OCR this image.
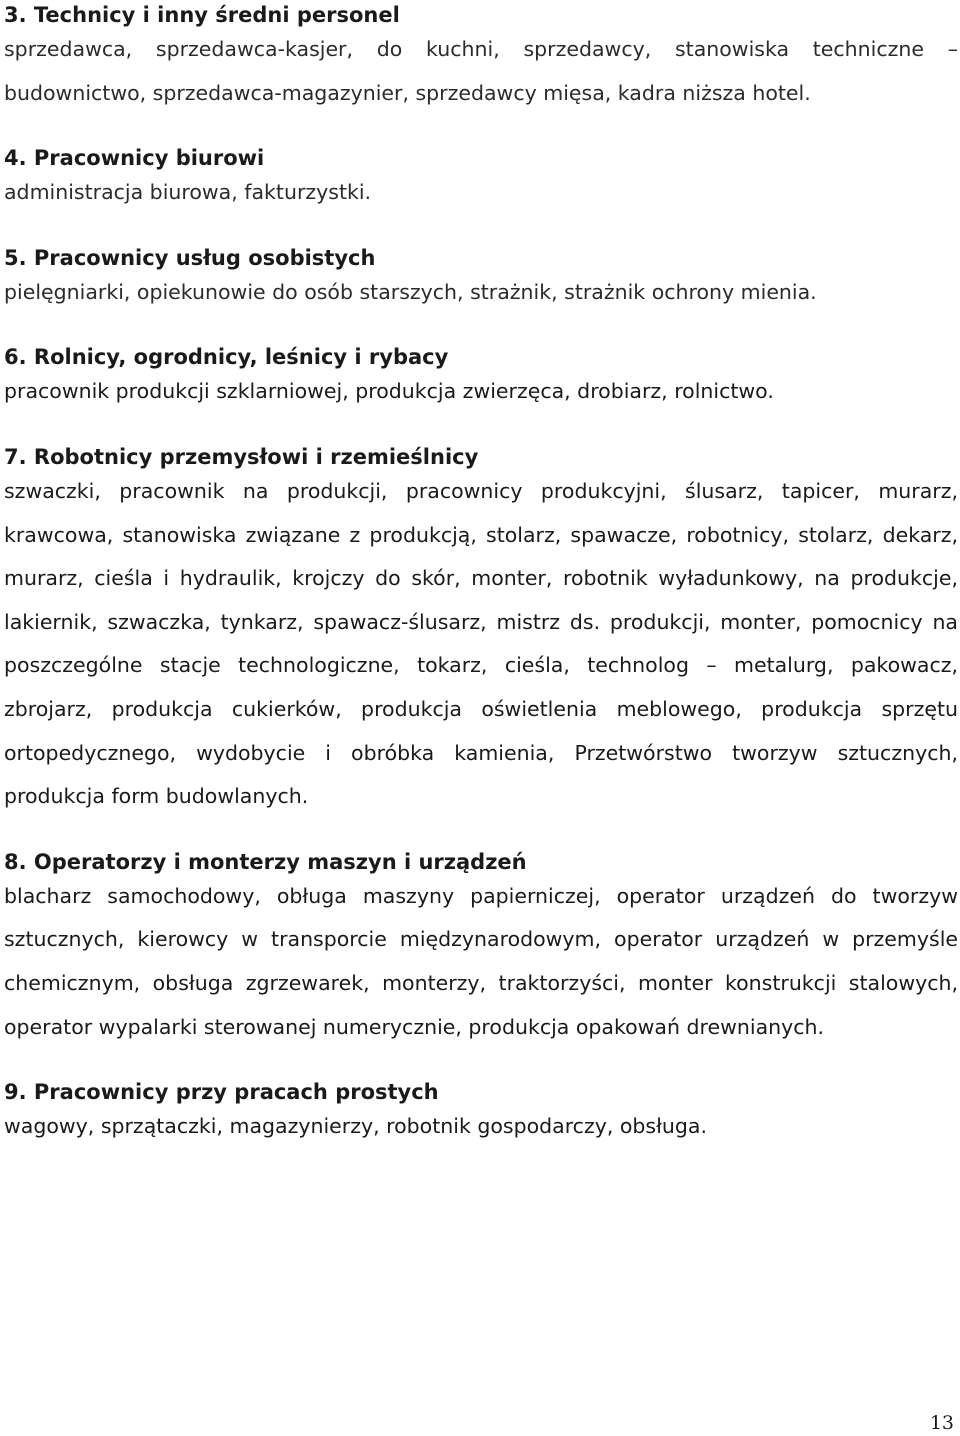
3. Technicy i inny średni personel

sprzedawca, sprzedawca-kasjer, do kuchni, sprzedawcy, stanowiska techniczne – budownictwo, sprzedawca-magazynier, sprzedawcy mięsa, kadra niższa hotel.

4. Pracownicy biurowi

administracja biurowa, fakturzystki.

5. Pracownicy usług osobistych

pielęgniarki, opiekunowie do osób starszych, strażnik, strażnik ochrony mienia.

6. Rolnicy, ogrodnicy, leśnicy i rybacy

pracownik produkcji szklarniowej, produkcja zwierzęca, drobiarz, rolnictwo.

7. Robotnicy przemysłowi i rzemieślnicy

szwaczki, pracownik na produkcji, pracownicy produkcyjni, ślusarz, tapicer, murarz, krawcowa, stanowiska związane z produkcją, stolarz, spawacze, robotnicy, stolarz, dekarz, murarz, cieśla i hydraulik, krojczy do skór, monter, robotnik wyładunkowy, na produkcje, lakiernik, szwaczka, tynkarz, spawacz-ślusarz, mistrz ds. produkcji, monter, pomocnicy na poszczególne stacje technologiczne, tokarz, cieśla, technolog – metalurg, pakowacz, zbrojarz, produkcja cukierków, produkcja oświetlenia meblowego, produkcja sprzętu ortopedycznego, wydobycie i obróbka kamienia, Przetwórstwo tworzyw sztucznych, produkcja form budowlanych.

8. Operatorzy i monterzy maszyn i urządzeń

blacharz samochodowy, obługa maszyny papierniczej, operator urządzeń do tworzyw sztucznych, kierowcy w transporcie międzynarodowym, operator urządzeń w przemyśle chemicznym, obsługa zgrzewarek, monterzy, traktorzyści, monter konstrukcji stalowych, operator wypalarki sterowanej numerycznie, produkcja opakowań drewnianych.

9. Pracownicy przy pracach prostych

wagowy, sprzątaczki, magazynierzy, robotnik gospodarczy, obsługa.

13
